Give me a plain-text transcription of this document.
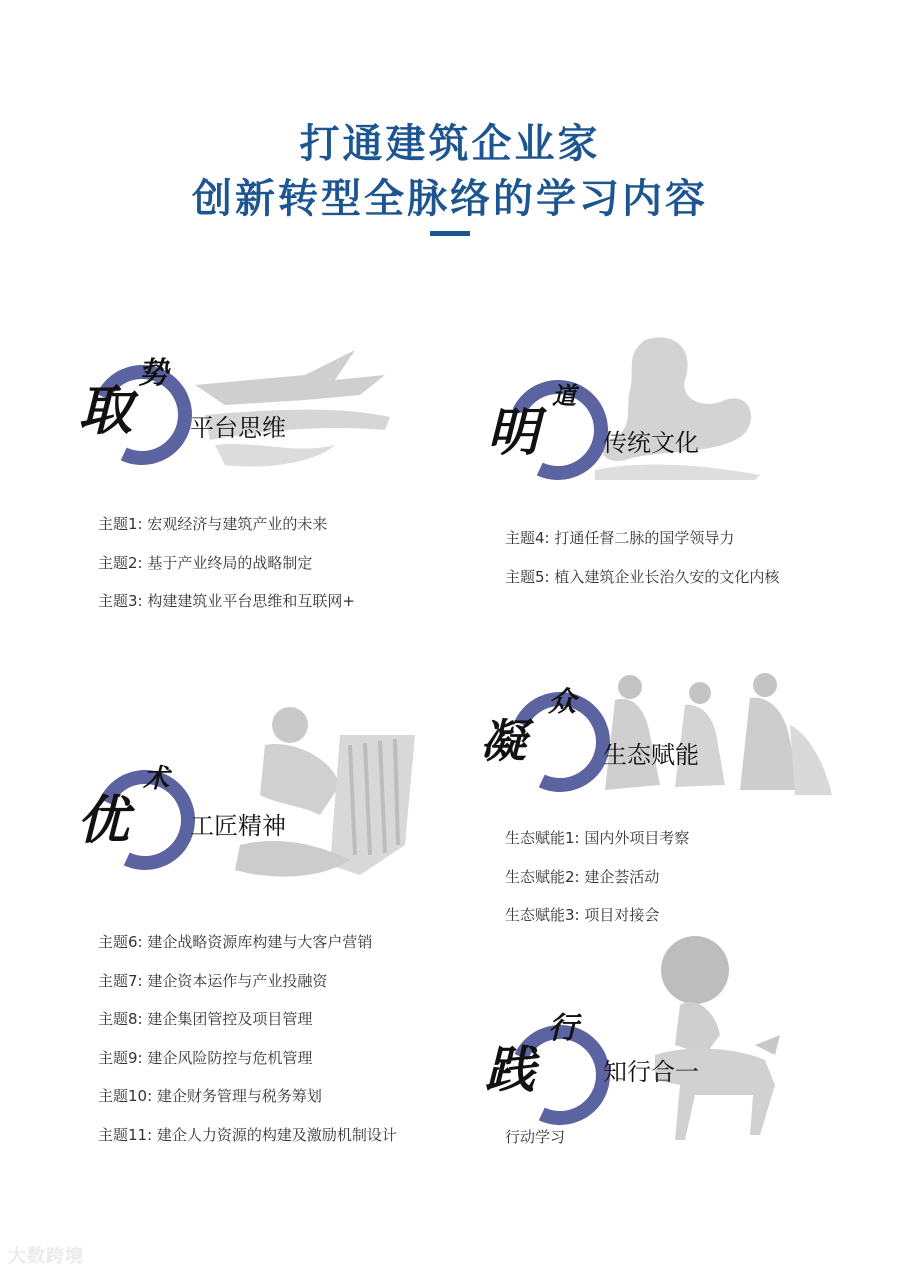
打通建筑企业家
创新转型全脉络的学习内容
取
势
平台思维
主题1: 宏观经济与建筑产业的未来
主题2: 基于产业终局的战略制定
主题3: 构建建筑业平台思维和互联网+
明
道
传统文化
主题4: 打通任督二脉的国学领导力
主题5: 植入建筑企业长治久安的文化内核
优
术
工匠精神
主题6: 建企战略资源库构建与大客户营销
主题7: 建企资本运作与产业投融资
主题8: 建企集团管控及项目管理
主题9: 建企风险防控与危机管理
主题10: 建企财务管理与税务筹划
主题11: 建企人力资源的构建及激励机制设计
凝
众
生态赋能
生态赋能1: 国内外项目考察
生态赋能2: 建企荟活动
生态赋能3: 项目对接会
践
行
知行合一
行动学习
大数跨境
